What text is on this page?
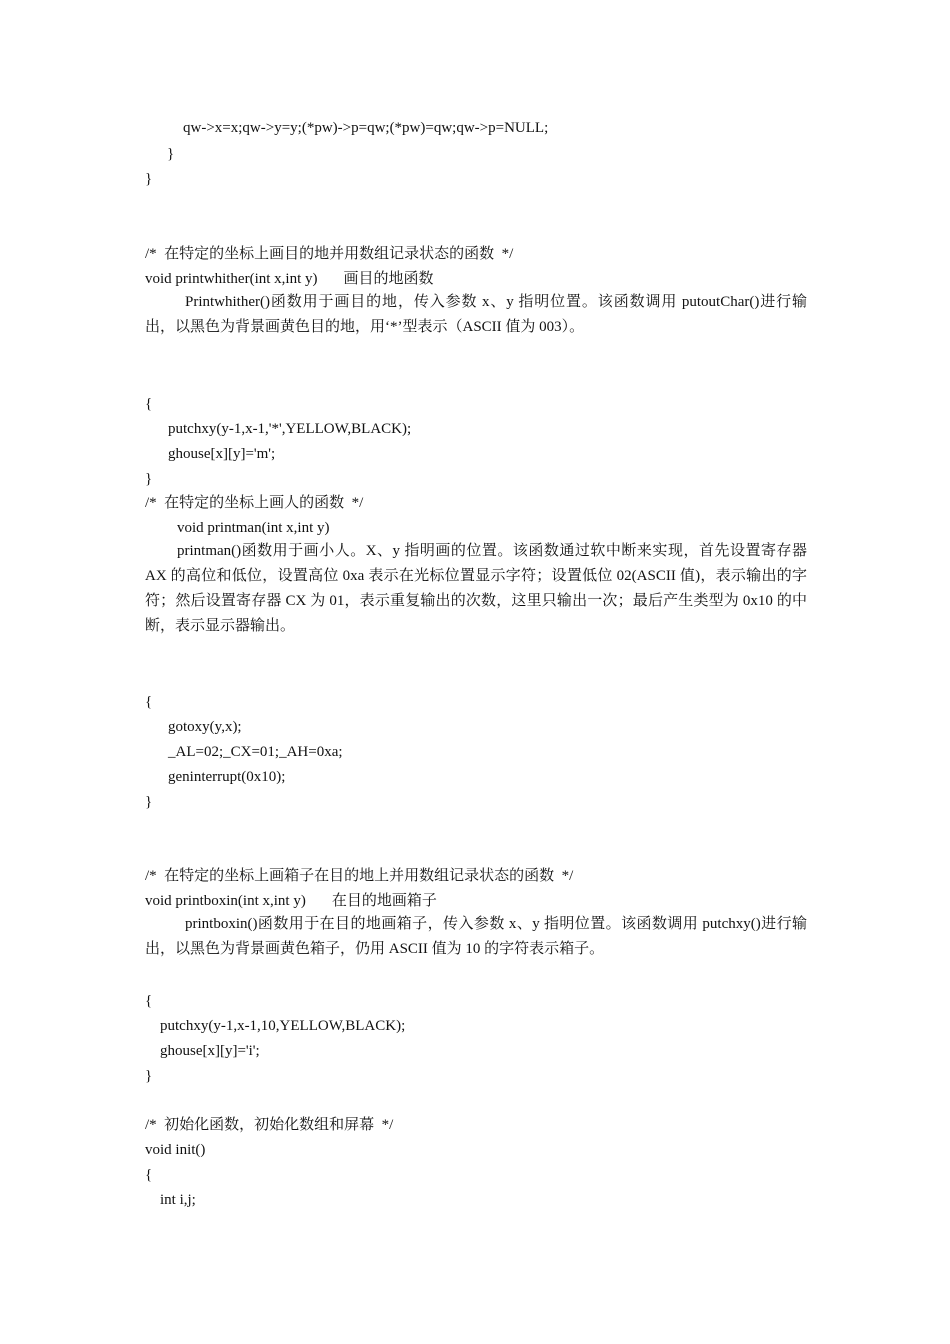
qw->x=x;qw->y=y;(*pw)->p=qw;(*pw)=qw;qw->p=NULL;
}
}
/*  在特定的坐标上画目的地并用数组记录状态的函数  */
void printwhither(int x,int y) 画目的地函数
Printwhither()函数用于画目的地，传入参数 x、y 指明位置。该函数调用 putoutChar()进行输出，以黑色为背景画黄色目的地，用‘*’型表示（ASCII 值为 003）。
{
putchxy(y-1,x-1,'*',YELLOW,BLACK);
ghouse[x][y]='m';
}
/*  在特定的坐标上画人的函数  */
void printman(int x,int y)
printman()函数用于画小人。X、y 指明画的位置。该函数通过软中断来实现，首先设置寄存器 AX 的高位和低位，设置高位 0xa 表示在光标位置显示字符；设置低位 02(ASCII 值)，表示输出的字符；然后设置寄存器 CX 为 01，表示重复输出的次数，这里只输出一次；最后产生类型为 0x10 的中断，表示显示器输出。
{
gotoxy(y,x);
_AL=02;_CX=01;_AH=0xa;
geninterrupt(0x10);
}
/*  在特定的坐标上画箱子在目的地上并用数组记录状态的函数  */
void printboxin(int x,int y) 在目的地画箱子
printboxin()函数用于在目的地画箱子，传入参数 x、y 指明位置。该函数调用 putchxy()进行输出，以黑色为背景画黄色箱子，仍用 ASCII 值为 10 的字符表示箱子。
{
putchxy(y-1,x-1,10,YELLOW,BLACK);
ghouse[x][y]='i';
}
/*  初始化函数，初始化数组和屏幕  */
void init()
{
int i,j;
